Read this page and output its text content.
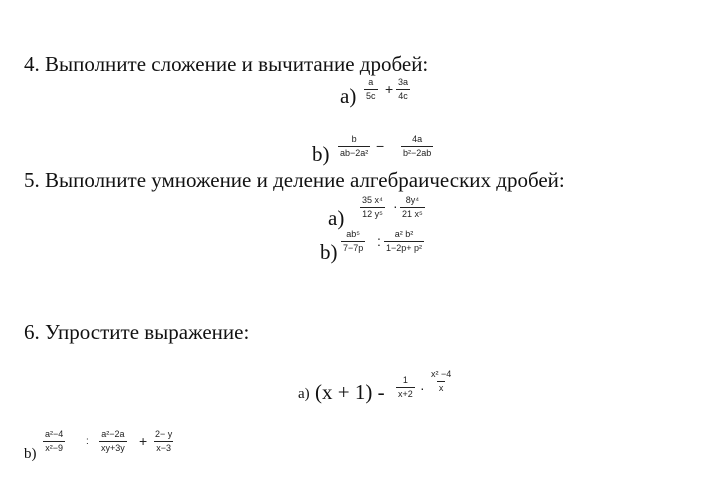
4. Выполните сложение и вычитание дробей:
$a) \frac{a}{5c} + \frac{3a}{4c}$
$b) \frac{b}{\text{ab−2a²}} - \frac{4a}{\text{b²−2ab}}$
5. Выполните умножение и деление алгебраических дробей:
$a) \frac{\text{35 x⁴}}{\text{12 y⁵}} \cdot \frac{\text{8y⁴}}{\text{21 x⁵}}$
$b) \frac{\text{ab⁵}}{7-7p}$ : $\frac{\text{a² b²}}{\text{1−2p+ p²}}$
6. Упростите выражение:
a) $(x + 1) - \frac{1}{x+2} \cdot \frac{\text{x² −4}}{x}$
b)
$\frac{\text{a²−4}}{\text{x²−9}}$ : $\frac{\text{a²−2a}}{xy+3y} + \frac{2- y}{x-3}$
